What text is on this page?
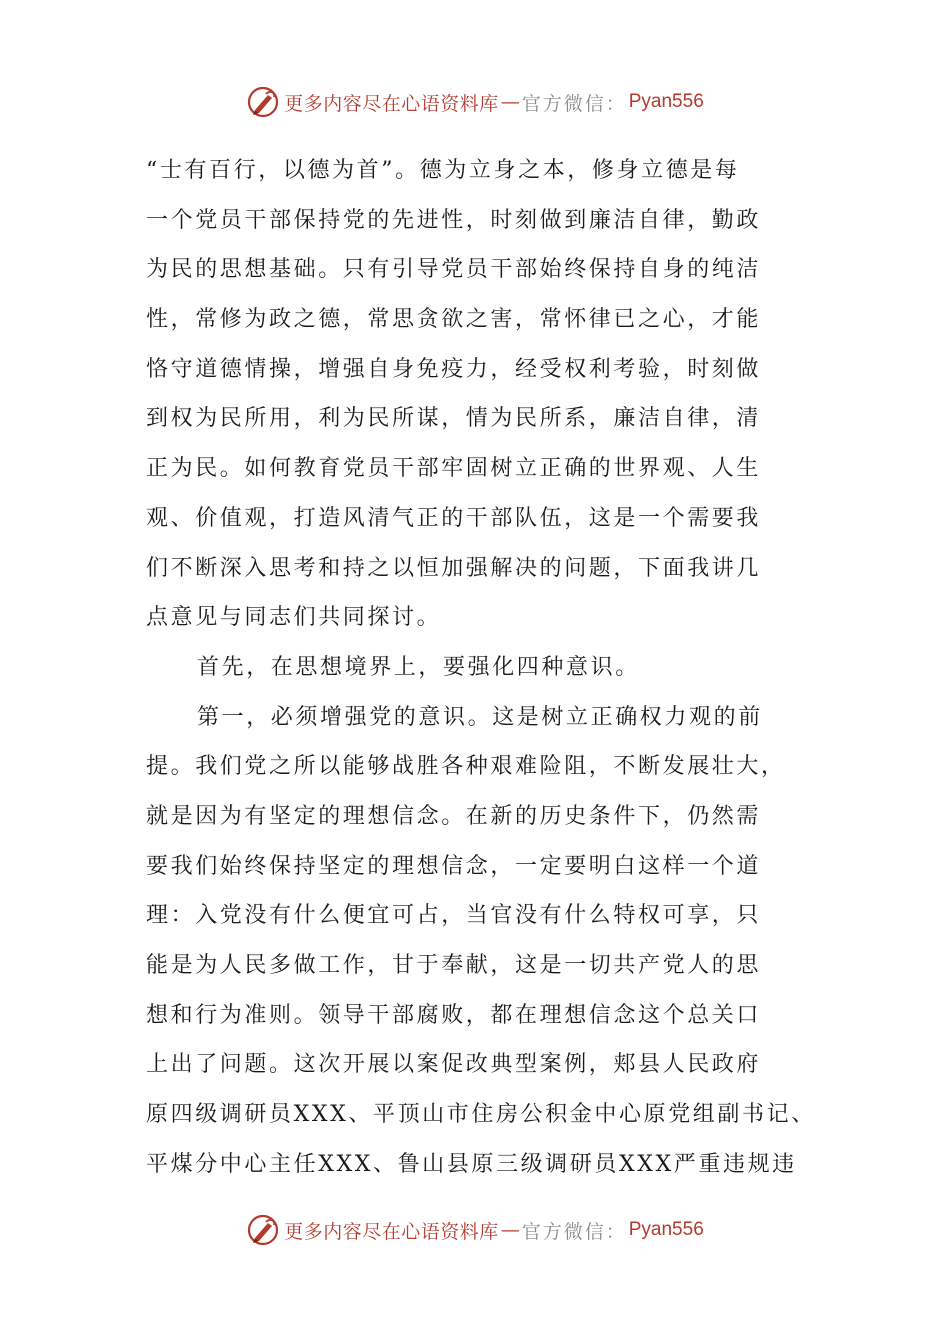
更多内容尽在心语资料库 — 官方微信： Pyan556
“士有百行，以德为首”。德为立身之本，修身立德是每
一个党员干部保持党的先进性，时刻做到廉洁自律，勤政
为民的思想基础。只有引导党员干部始终保持自身的纯洁
性，常修为政之德，常思贪欲之害，常怀律已之心，才能
恪守道德情操，增强自身免疫力，经受权利考验，时刻做
到权为民所用，利为民所谋，情为民所系，廉洁自律，清
正为民。如何教育党员干部牢固树立正确的世界观、人生
观、价值观，打造风清气正的干部队伍，这是一个需要我
们不断深入思考和持之以恒加强解决的问题，下面我讲几
点意见与同志们共同探讨。
首先，在思想境界上，要强化四种意识。
第一，必须增强党的意识。这是树立正确权力观的前
提。我们党之所以能够战胜各种艰难险阻，不断发展壮大，
就是因为有坚定的理想信念。在新的历史条件下，仍然需
要我们始终保持坚定的理想信念，一定要明白这样一个道
理：入党没有什么便宜可占，当官没有什么特权可享，只
能是为人民多做工作，甘于奉献，这是一切共产党人的思
想和行为准则。领导干部腐败，都在理想信念这个总关口
上出了问题。这次开展以案促改典型案例，郏县人民政府
原四级调研员XXX、平顶山市住房公积金中心原党组副书记、
平煤分中心主任XXX、鲁山县原三级调研员XXX严重违规违
更多内容尽在心语资料库 — 官方微信： Pyan556
